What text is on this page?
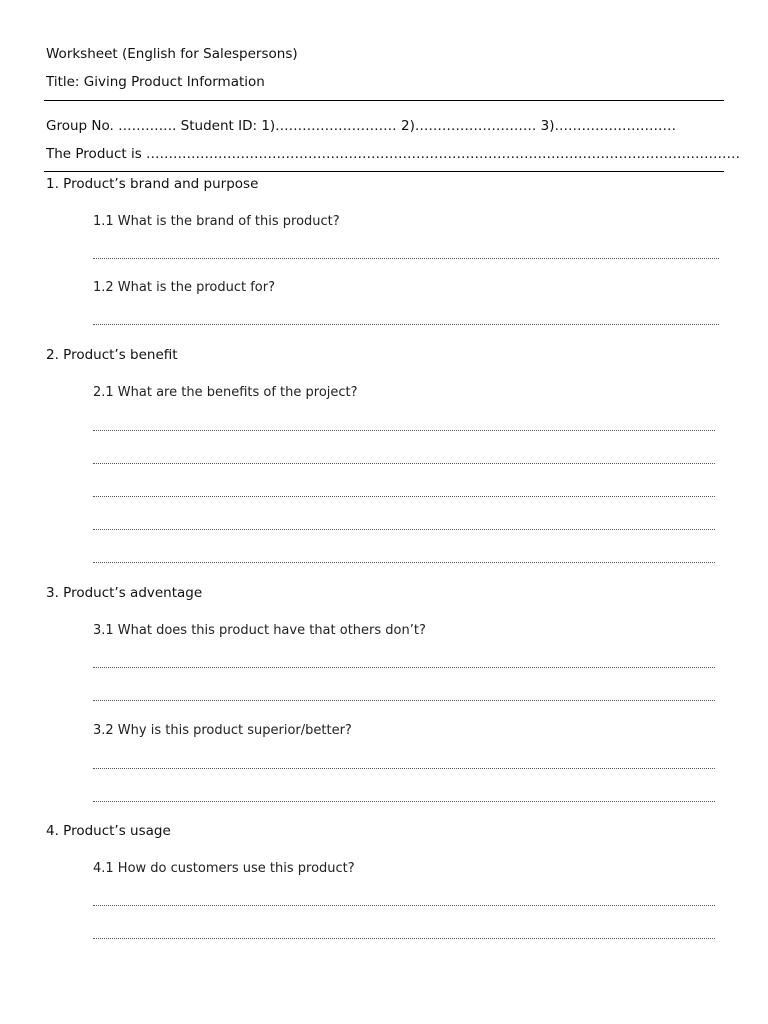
Worksheet (English for Salespersons)
Title: Giving Product Information
Group No. …………. Student ID: 1)……………………… 2)……………………… 3)………………………
The Product is ……………………………………………………………………………………………………………………
1. Product’s brand and purpose
1.1 What is the brand of this product?
1.2 What is the product for?
2. Product’s benefit
2.1 What are the benefits of the project?
3. Product’s adventage
3.1 What does this product have that others don’t?
3.2 Why is this product superior/better?
4. Product’s usage
4.1 How do customers use this product?
